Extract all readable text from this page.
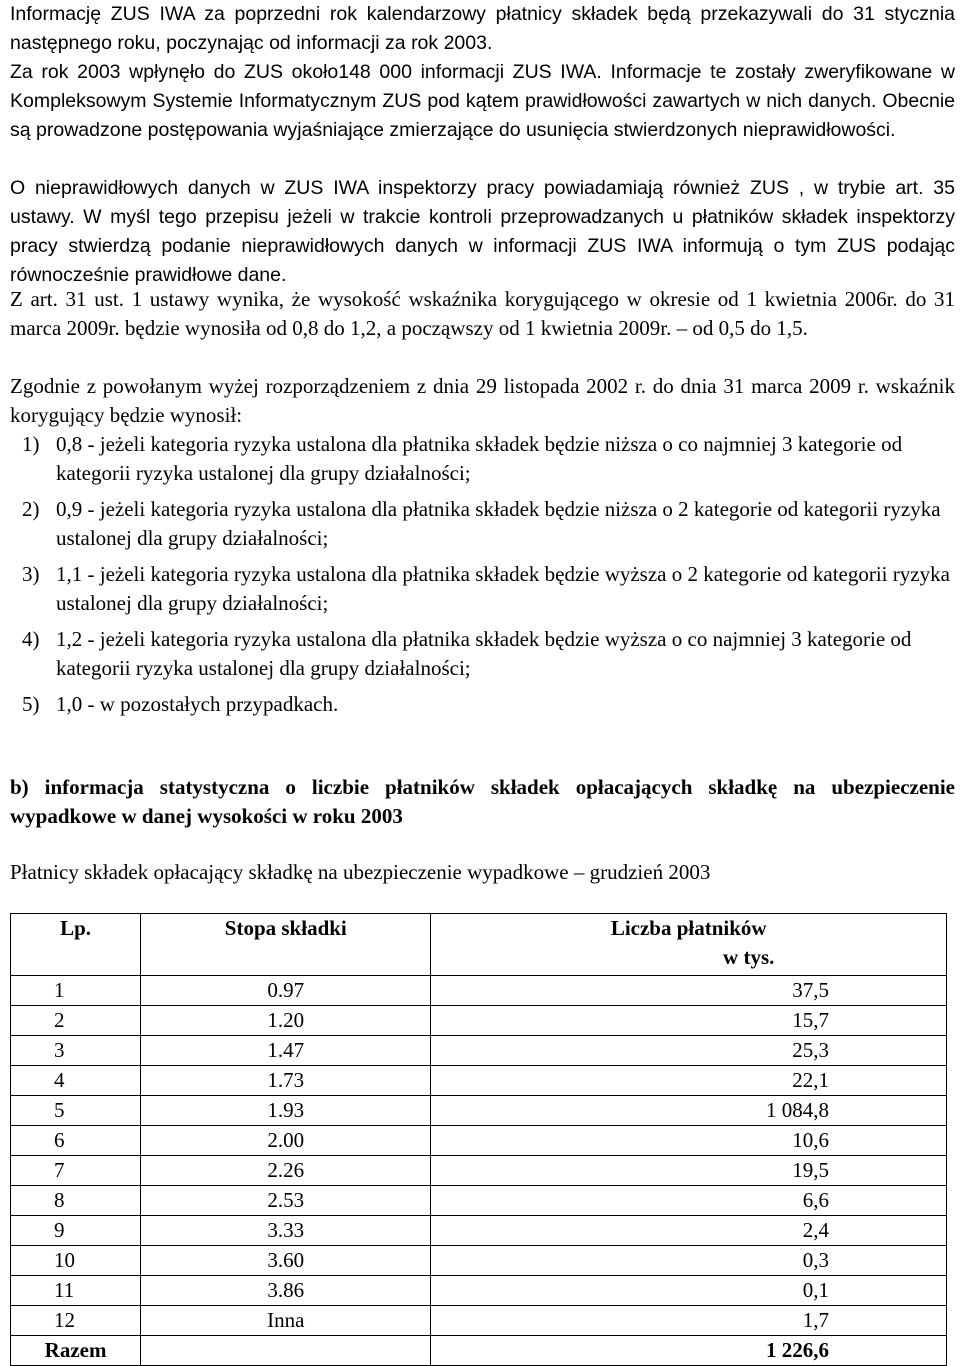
Informację ZUS IWA za poprzedni rok kalendarzowy płatnicy składek będą przekazywali do 31 stycznia następnego roku, poczynając od informacji za rok 2003.

Za rok 2003 wpłynęło do ZUS około148 000 informacji ZUS IWA. Informacje te zostały zweryfikowane w Kompleksowym Systemie Informatycznym ZUS pod kątem prawidłowości zawartych w nich danych. Obecnie są prowadzone postępowania wyjaśniające zmierzające do usunięcia stwierdzonych nieprawidłowości.

O nieprawidłowych danych w ZUS IWA inspektorzy pracy powiadamiają również ZUS , w trybie art. 35 ustawy. W myśl tego przepisu jeżeli w trakcie kontroli przeprowadzanych u płatników składek inspektorzy pracy stwierdzą podanie nieprawidłowych danych w informacji ZUS IWA informują o tym ZUS podając równocześnie prawidłowe dane.

Z art. 31 ust. 1 ustawy wynika, że wysokość wskaźnika korygującego w okresie od 1 kwietnia 2006r. do 31 marca 2009r. będzie wynosiła od 0,8 do 1,2, a począwszy od 1 kwietnia 2009r. – od 0,5 do 1,5.

Zgodnie z powołanym wyżej rozporządzeniem z dnia 29 listopada 2002 r. do dnia 31 marca 2009 r. wskaźnik korygujący będzie wynosił:

1) 0,8 - jeżeli kategoria ryzyka ustalona dla płatnika składek będzie niższa o co najmniej 3 kategorie od kategorii ryzyka ustalonej dla grupy działalności;
2) 0,9 - jeżeli kategoria ryzyka ustalona dla płatnika składek będzie niższa o 2 kategorie od kategorii ryzyka ustalonej dla grupy działalności;
3) 1,1 - jeżeli kategoria ryzyka ustalona dla płatnika składek będzie wyższa o 2 kategorie od kategorii ryzyka ustalonej dla grupy działalności;
4) 1,2 - jeżeli kategoria ryzyka ustalona dla płatnika składek będzie wyższa o co najmniej 3 kategorie od kategorii ryzyka ustalonej dla grupy działalności;
5) 1,0 - w pozostałych przypadkach.

b) informacja statystyczna o liczbie płatników składek opłacających składkę na ubezpieczenie wypadkowe w danej wysokości w roku 2003

Płatnicy składek opłacający składkę na ubezpieczenie wypadkowe – grudzień 2003

Lp.	Stopa składki	Liczba płatników
w tys.

1	0.97	37,5
2	1.20	15,7
3	1.47	25,3
4	1.73	22,1
5	1.93	1 084,8
6	2.00	10,6
7	2.26	19,5
8	2.53	6,6
9	3.33	2,4
10	3.60	0,3
11	3.86	0,1
12	Inna	1,7
Razem		1 226,6
